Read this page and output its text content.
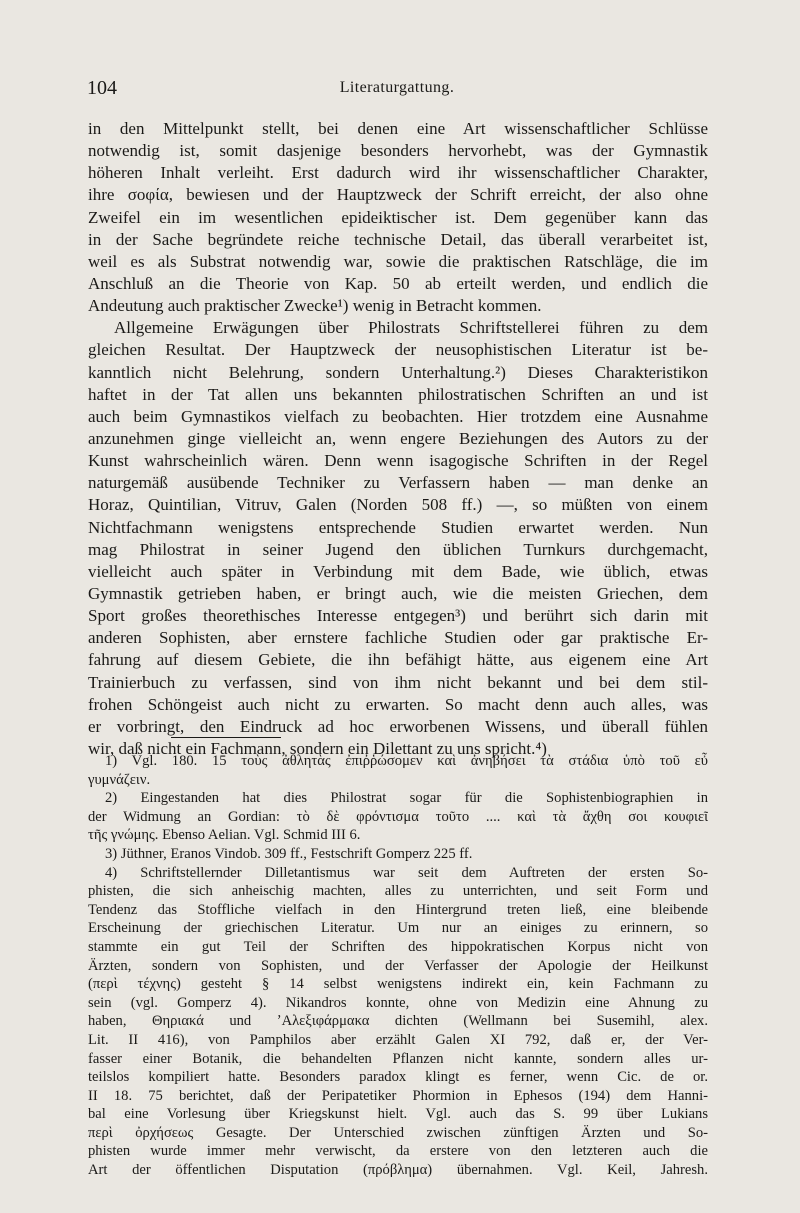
104	Literaturgattung.
in den Mittelpunkt stellt, bei denen eine Art wissenschaftlicher Schlüsse
notwendig ist, somit dasjenige besonders hervorhebt, was der Gymnastik
höheren Inhalt verleiht. Erst dadurch wird ihr wissenschaftlicher Charakter,
ihre σοφία, bewiesen und der Hauptzweck der Schrift erreicht, der also ohne
Zweifel ein im wesentlichen epideiktischer ist. Dem gegenüber kann das
in der Sache begründete reiche technische Detail, das überall verarbeitet ist,
weil es als Substrat notwendig war, sowie die praktischen Ratschläge, die im
Anschluß an die Theorie von Kap. 50 ab erteilt werden, und endlich die
Andeutung auch praktischer Zwecke¹) wenig in Betracht kommen.
Allgemeine Erwägungen über Philostrats Schriftstellerei führen zu dem
gleichen Resultat. Der Hauptzweck der neusophistischen Literatur ist be-
kanntlich nicht Belehrung, sondern Unterhaltung.²) Dieses Charakteristikon
haftet in der Tat allen uns bekannten philostratischen Schriften an und ist
auch beim Gymnastikos vielfach zu beobachten. Hier trotzdem eine Ausnahme
anzunehmen ginge vielleicht an, wenn engere Beziehungen des Autors zu der
Kunst wahrscheinlich wären. Denn wenn isagogische Schriften in der Regel
naturgemäß ausübende Techniker zu Verfassern haben — man denke an
Horaz, Quintilian, Vitruv, Galen (Norden 508 ff.) —, so müßten von einem
Nichtfachmann wenigstens entsprechende Studien erwartet werden. Nun
mag Philostrat in seiner Jugend den üblichen Turnkurs durchgemacht,
vielleicht auch später in Verbindung mit dem Bade, wie üblich, etwas
Gymnastik getrieben haben, er bringt auch, wie die meisten Griechen, dem
Sport großes theorethisches Interesse entgegen³) und berührt sich darin mit
anderen Sophisten, aber ernstere fachliche Studien oder gar praktische Er-
fahrung auf diesem Gebiete, die ihn befähigt hätte, aus eigenem eine Art
Trainierbuch zu verfassen, sind von ihm nicht bekannt und bei dem stil-
frohen Schöngeist auch nicht zu erwarten. So macht denn auch alles, was
er vorbringt, den Eindruck ad hoc erworbenen Wissens, und überall fühlen
wir, daß nicht ein Fachmann, sondern ein Dilettant zu uns spricht.⁴)
1) Vgl. 180. 15 τοὺς ἀθλητὰς ἐπιῤῥώσομεν καὶ ἀνηβήσει τὰ στάδια ὑπὸ τοῦ εὖ
γυμνάζειν.
2) Eingestanden hat dies Philostrat sogar für die Sophistenbiographien in
der Widmung an Gordian: τὸ δὲ φρόντισμα τοῦτο .... καὶ τὰ ἄχθη σοι κουφιεῖ
τῆς γνώμης. Ebenso Aelian. Vgl. Schmid III 6.
3) Jüthner, Eranos Vindob. 309 ff., Festschrift Gomperz 225 ff.
4) Schriftstellernder Dilletantismus war seit dem Auftreten der ersten So-
phisten, die sich anheischig machten, alles zu unterrichten, und seit Form und
Tendenz das Stoffliche vielfach in den Hintergrund treten ließ, eine bleibende
Erscheinung der griechischen Literatur. Um nur an einiges zu erinnern, so
stammte ein gut Teil der Schriften des hippokratischen Korpus nicht von
Ärzten, sondern von Sophisten, und der Verfasser der Apologie der Heilkunst
(περὶ τέχνης) gesteht § 14 selbst wenigstens indirekt ein, kein Fachmann zu
sein (vgl. Gomperz 4). Nikandros konnte, ohne von Medizin eine Ahnung zu
haben, Θηριακά und ʼΑλεξιφάρμακα dichten (Wellmann bei Susemihl, alex.
Lit. II 416), von Pamphilos aber erzählt Galen XI 792, daß er, der Ver-
fasser einer Botanik, die behandelten Pflanzen nicht kannte, sondern alles ur-
teilslos kompiliert hatte. Besonders paradox klingt es ferner, wenn Cic. de or.
II 18. 75 berichtet, daß der Peripatetiker Phormion in Ephesos (194) dem Hanni-
bal eine Vorlesung über Kriegskunst hielt. Vgl. auch das S. 99 über Lukians
περὶ ὀρχήσεως Gesagte. Der Unterschied zwischen zünftigen Ärzten und So-
phisten wurde immer mehr verwischt, da erstere von den letzteren auch die
Art der öffentlichen Disputation (πρόβλημα) übernahmen. Vgl. Keil, Jahresh.
